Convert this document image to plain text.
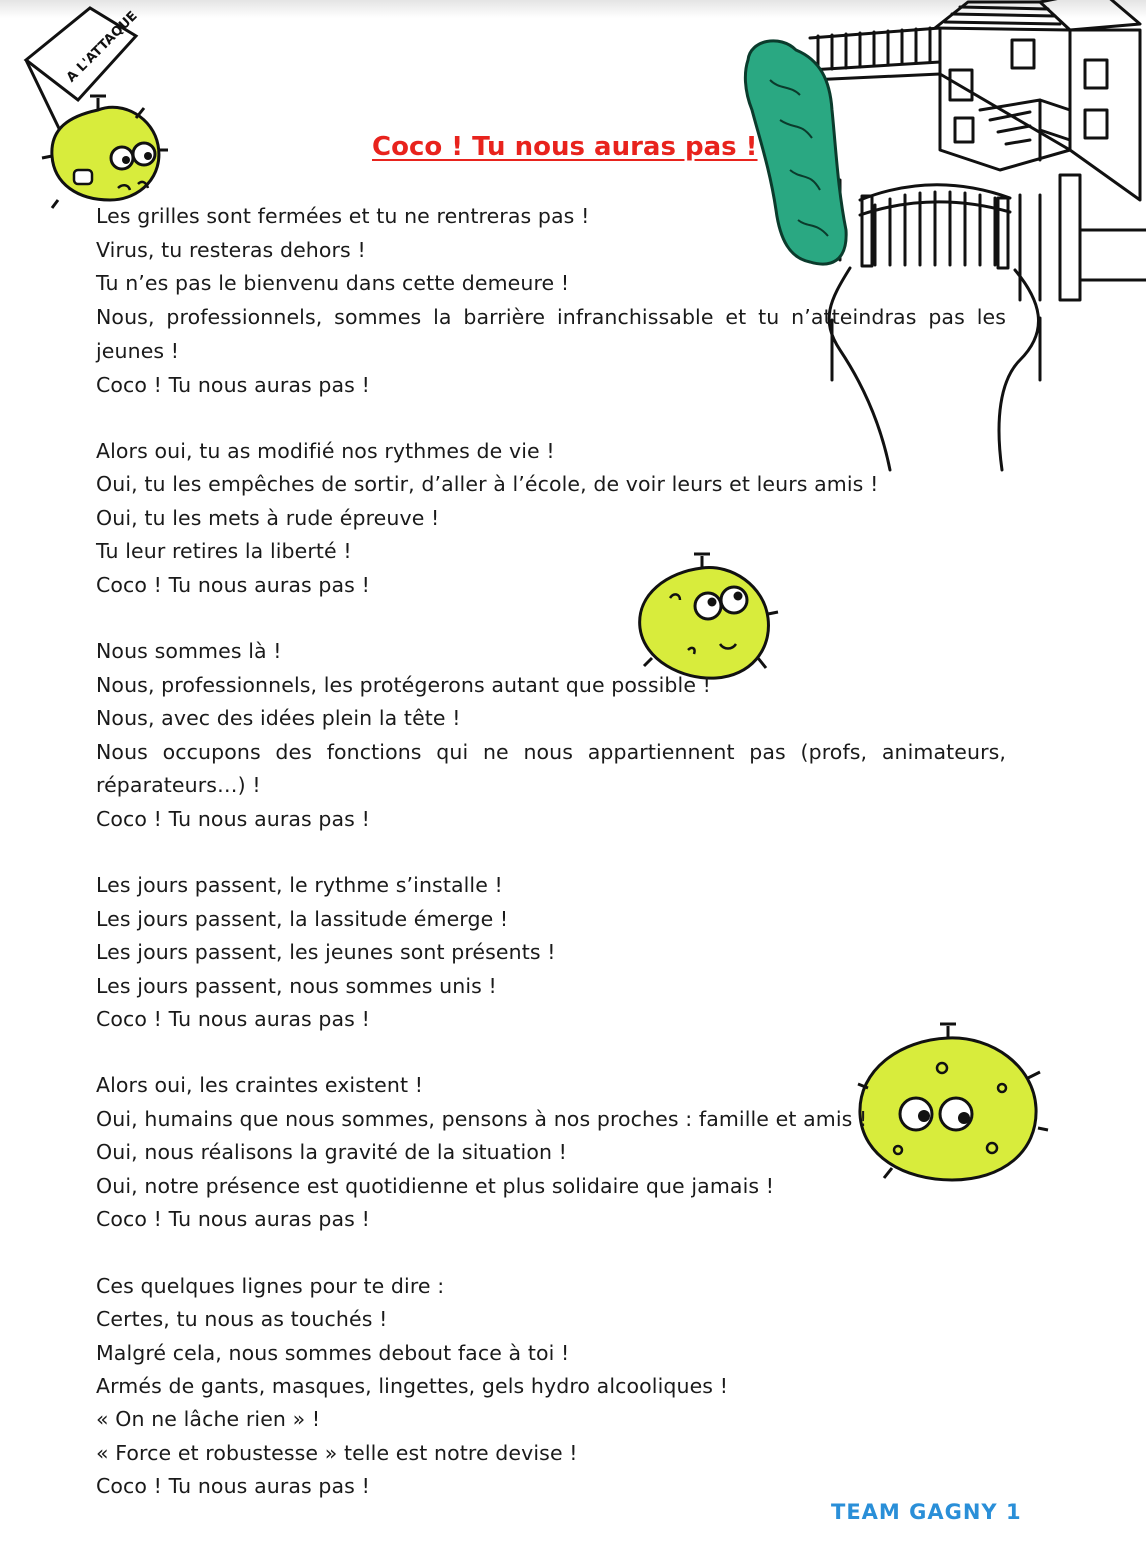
A L'ATTAQUE
Coco ! Tu nous auras pas !
Les grilles sont fermées et tu ne rentreras pas !
Virus, tu resteras dehors !
Tu n’es pas le bienvenu dans cette demeure !
Nous, professionnels, sommes la barrière infranchissable et tu n’atteindras pas les
jeunes !
Coco ! Tu nous auras pas !
Alors oui, tu as modifié nos rythmes de vie !
Oui, tu les empêches de sortir, d’aller à l’école, de voir leurs et leurs amis !
Oui, tu les mets à rude épreuve !
Tu leur retires la liberté !
Coco ! Tu nous auras pas !
Nous sommes là !
Nous, professionnels, les protégerons autant que possible !
Nous, avec des idées plein la tête !
Nous occupons des fonctions qui ne nous appartiennent pas (profs, animateurs,
réparateurs…) !
Coco ! Tu nous auras pas !
Les jours passent, le rythme s’installe !
Les jours passent, la lassitude émerge !
Les jours passent, les jeunes sont présents !
Les jours passent, nous sommes unis !
Coco ! Tu nous auras pas !
Alors oui, les craintes existent !
Oui, humains que nous sommes, pensons à nos proches : famille et amis !
Oui, nous réalisons la gravité de la situation !
Oui, notre présence est quotidienne et plus solidaire que jamais !
Coco ! Tu nous auras pas !
Ces quelques lignes pour te dire :
Certes, tu nous as touchés !
Malgré cela, nous sommes debout face à toi !
Armés de gants, masques, lingettes, gels hydro alcooliques !
« On ne lâche rien » !
« Force et robustesse » telle est notre devise !
Coco ! Tu nous auras pas !
TEAM GAGNY 1
